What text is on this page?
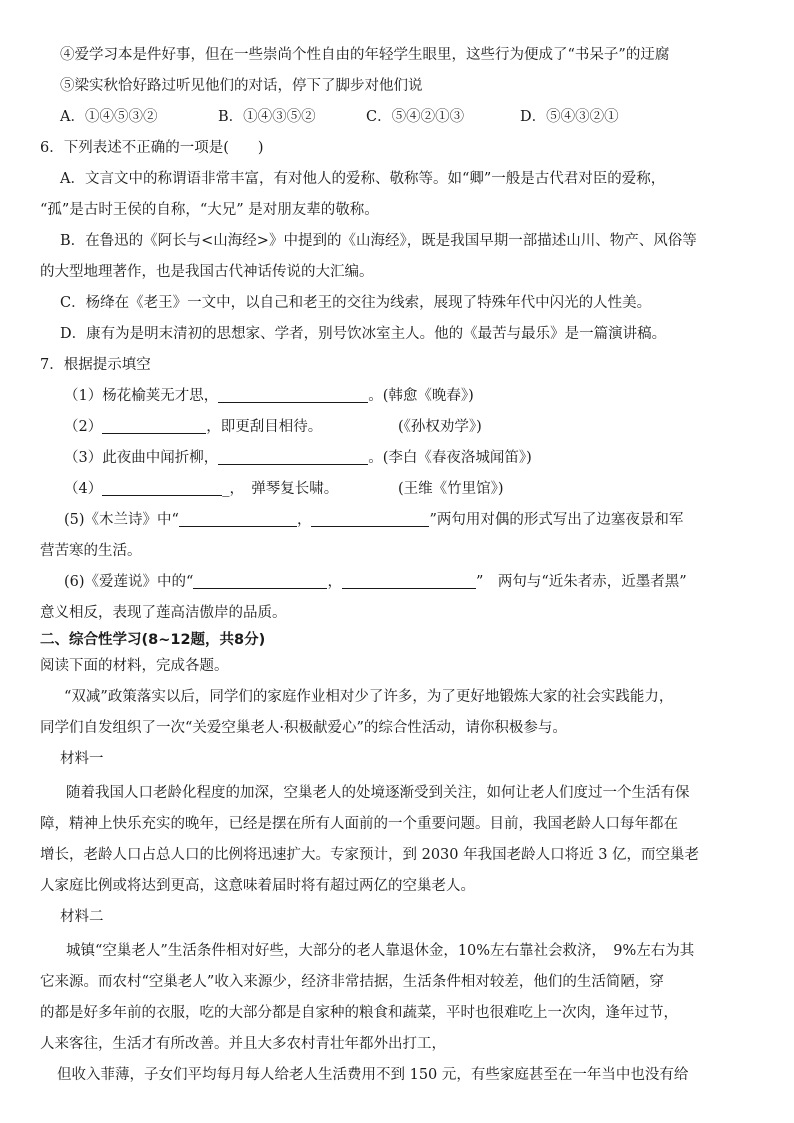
④爱学习本是件好事，但在一些崇尚个性自由的年轻学生眼里，这些行为便成了“书呆子”的迂腐
⑤梁实秋恰好路过听见他们的对话，停下了脚步对他们说
A．①④⑤③②	B．①④③⑤②	C．⑤④②①③	D．⑤④③②①
6．下列表述不正确的一项是(　　)
A．文言文中的称谓语非常丰富，有对他人的爱称、敬称等。如“卿”一般是古代君对臣的爱称，
“孤”是古时王侯的自称，“大兄” 是对朋友辈的敬称。
B．在鲁迅的《阿长与<山海经>》中提到的《山海经》，既是我国早期一部描述山川、物产、风俗等
的大型地理著作，也是我国古代神话传说的大汇编。
C．杨绛在《老王》一文中，以自己和老王的交往为线索，展现了特殊年代中闪光的人性美。
D．康有为是明末清初的思想家、学者，别号饮冰室主人。他的《最苦与最乐》是一篇演讲稿。
7．根据提示填空
（1）杨花榆荚无才思，	。(韩愈《晚春》)
（2）	，即更刮目相待。	(《孙权劝学》)
（3）此夜曲中闻折柳，	。(李白《春夜洛城闻笛》)
（4）	_，　弹琴复长啸。	(王维《竹里馆》)
(5)《木兰诗》中“	，	”两句用对偶的形式写出了边塞夜景和军
营苦寒的生活。
(6)《爱莲说》中的“	，	”　两句与“近朱者赤，近墨者黑”
意义相反，表现了莲高洁傲岸的品质。
二、综合性学习(8~12题，共8分)
阅读下面的材料，完成各题。
“双减”政策落实以后，同学们的家庭作业相对少了许多，为了更好地锻炼大家的社会实践能力，
同学们自发组织了一次“关爱空巢老人·积极献爱心”的综合性活动，请你积极参与。
材料一
随着我国人口老龄化程度的加深，空巢老人的处境逐渐受到关注，如何让老人们度过一个生活有保
障，精神上快乐充实的晚年，已经是摆在所有人面前的一个重要问题。目前，我国老龄人口每年都在
增长，老龄人口占总人口的比例将迅速扩大。专家预计，到 2030 年我国老龄人口将近 3 亿，而空巢老
人家庭比例或将达到更高，这意味着届时将有超过两亿的空巢老人。
材料二
城镇“空巢老人”生活条件相对好些，大部分的老人靠退休金，10%左右靠社会救济，　9%左右为其
它来源。而农村“空巢老人”收入来源少，经济非常拮据，生活条件相对较差，他们的生活简陋，穿
的都是好多年前的衣服，吃的大部分都是自家种的粮食和蔬菜，平时也很难吃上一次肉，逢年过节，
人来客往，生活才有所改善。并且大多农村青壮年都外出打工，
但收入菲薄，子女们平均每月每人给老人生活费用不到 150 元，有些家庭甚至在一年当中也没有给
